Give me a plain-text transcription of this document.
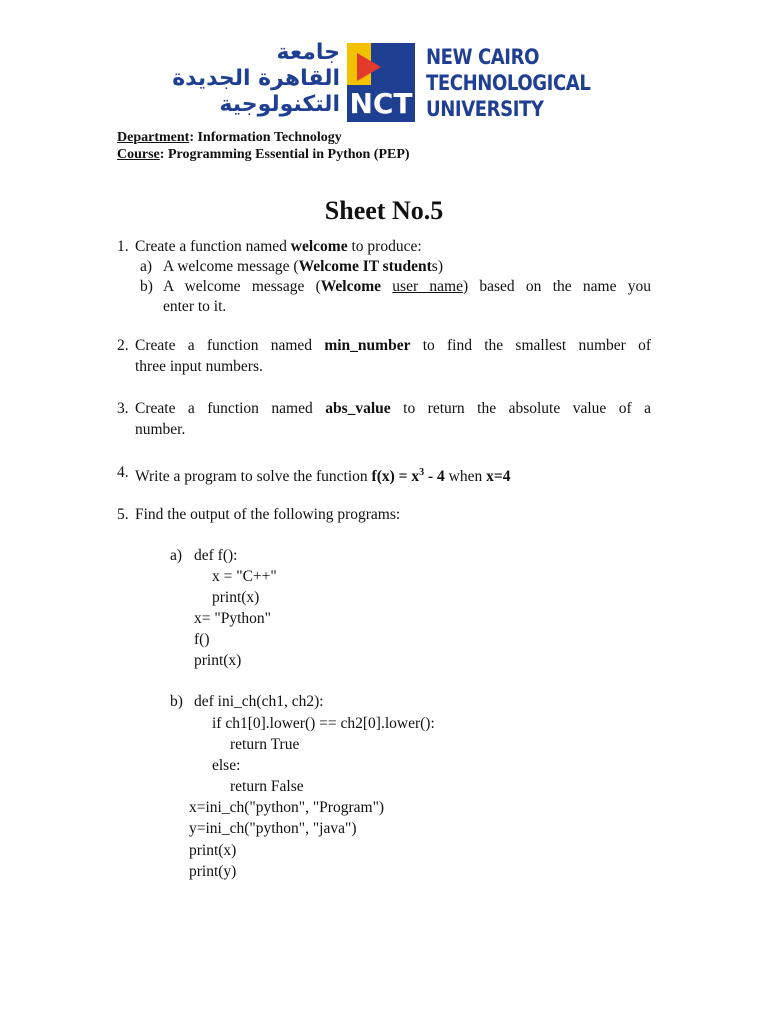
جامعة
القاهرة الجديدة
التكنولوجية NCT
NEW CAIRO
TECHNOLOGICAL
UNIVERSITY
Department: Information Technology
Course: Programming Essential in Python (PEP)
Sheet No.5
1. Create a function named welcome to produce:
a) A welcome message (Welcome IT students)
b) A welcome message (Welcome user name) based on the name you
enter to it.
2. Create a function named min_number to find the smallest number of
three input numbers.
3. Create a function named abs_value to return the absolute value of a
number.
4. Write a program to solve the function $f(x) = x^3 - 4$ when x=4
5. Find the output of the following programs:
a) def f():
x = "C++"
print(x)
x= "Python"
f()
print(x)
b) def ini_ch(ch1, ch2):
if ch1[0].lower() == ch2[0].lower():
return True
else:
return False
x=ini_ch("python", "Program")
y=ini_ch("python", "java")
print(x)
print(y)
